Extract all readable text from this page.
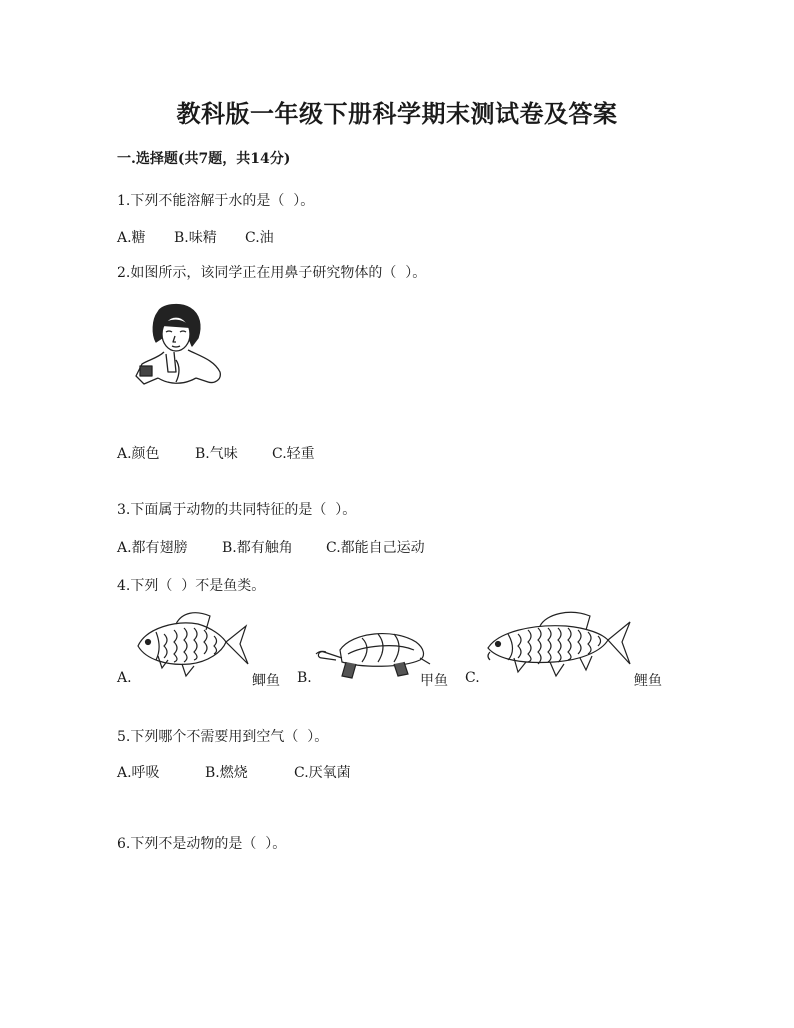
教科版一年级下册科学期末测试卷及答案
一.选择题(共7题，共14分)
1.下列不能溶解于水的是（  ）。
A.糖 B.味精 C.油
2.如图所示，该同学正在用鼻子研究物体的（  ）。
A.颜色	B.气味 C.轻重
3.下面属于动物的共同特征的是（  ）。
A.都有翅膀 B.都有触角 C.都能自己运动
4.下列（  ）不是鱼类。
A.	鲫鱼 B.	甲鱼 C.	鲤鱼
5.下列哪个不需要用到空气（  ）。
A.呼吸	B.燃烧	C.厌氧菌
6.下列不是动物的是（  ）。
